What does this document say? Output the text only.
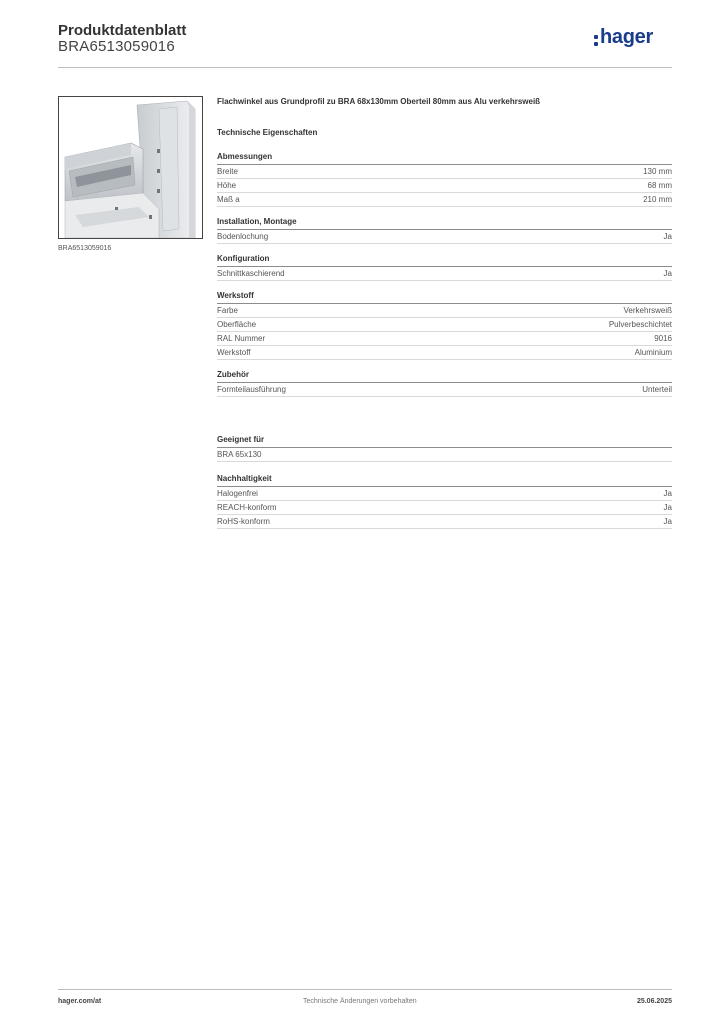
Produktdatenblatt
BRA6513059016	hager
BRA6513059016
Flachwinkel aus Grundprofil zu BRA 68x130mm Oberteil 80mm aus Alu verkehrsweiß
Technische Eigenschaften
Abmessungen
Breite	130 mm
Höhe	68 mm
Maß a	210 mm
Installation, Montage
Bodenlochung	Ja
Konfiguration
Schnittkaschierend	Ja
Werkstoff
Farbe	Verkehrsweiß
Oberfläche	Pulverbeschichtet
RAL Nummer	9016
Werkstoff	Aluminium
Zubehör
Formteilausführung	Unterteil
Geeignet für
BRA 65x130
Nachhaltigkeit
Halogenfrei	Ja
REACH-konform	Ja
RoHS-konform	Ja
hager.com/at	Technische Änderungen vorbehalten	25.06.2025
